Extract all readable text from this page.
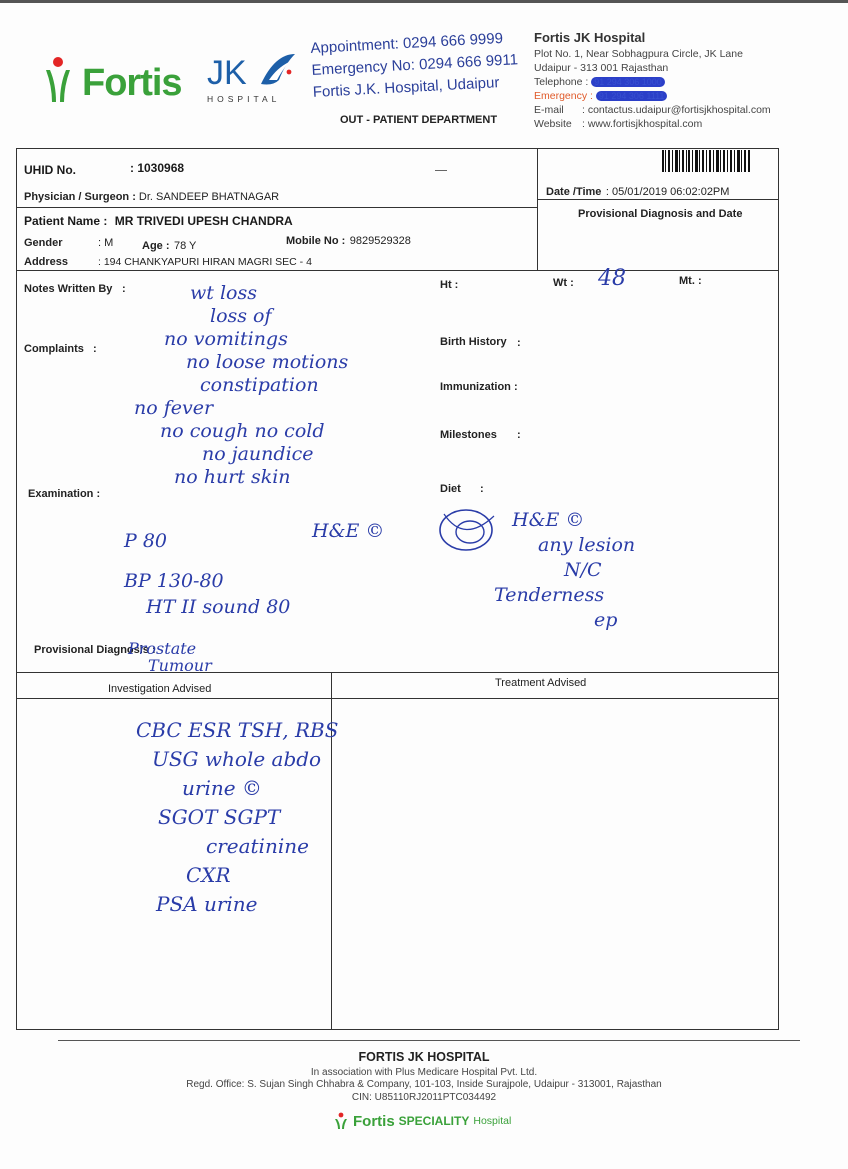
Fortis JK
HOSPITAL
Appointment: 0294 666 9999
Emergency No: 0294 666 9911
Fortis J.K. Hospital, Udaipur
OUT - PATIENT DEPARTMENT
Fortis JK Hospital
Plot No. 1, Near Sobhagpura Circle, JK Lane
Udaipur - 313 001 Rajasthan
Telephone : 91 294 306 1000
Emergency : 91 294 306 1111
E-mail : contactus.udaipur@fortisjkhospital.com
Website : www.fortisjkhospital.com
UHID No.	: 1030968
Physician / Surgeon : Dr. SANDEEP BHATNAGAR	Date /Time : 05/01/2019 06:02:02PM
Patient Name : MR TRIVEDI UPESH CHANDRA
Gender	: M	Age : 78 Y	Mobile No : 9829529328
Address	: 194 CHANKYAPURI HIRAN MAGRI SEC - 4
Provisional Diagnosis and Date
Notes Written By :	Ht :	Wt : 48	Mt. :
Complaints :
Birth History :
Immunization :
Milestones :
Diet :
Examination :
Provisional Diagnosis :
Investigation Advised	Treatment Advised
wt loss
loss of
no vomitings
no loose motions
constipation
no fever
no cough no cold
no jaundice
no hurt skin
H&E ©
P 80
BP 130-80
HT II sound 80
H&E ©
any lesion
N/C
Tenderness
ep
Prostate
Tumour
CBC ESR TSH, RBS
USG whole abdo
urine ©
SGOT SGPT
creatinine
CXR
PSA urine
FORTIS JK HOSPITAL
In association with Plus Medicare Hospital Pvt. Ltd.
Regd. Office: S. Sujan Singh Chhabra & Company, 101-103, Inside Surajpole, Udaipur - 313001, Rajasthan
CIN: U85110RJ2011PTC034492
Fortis SPECIALITY Hospital
